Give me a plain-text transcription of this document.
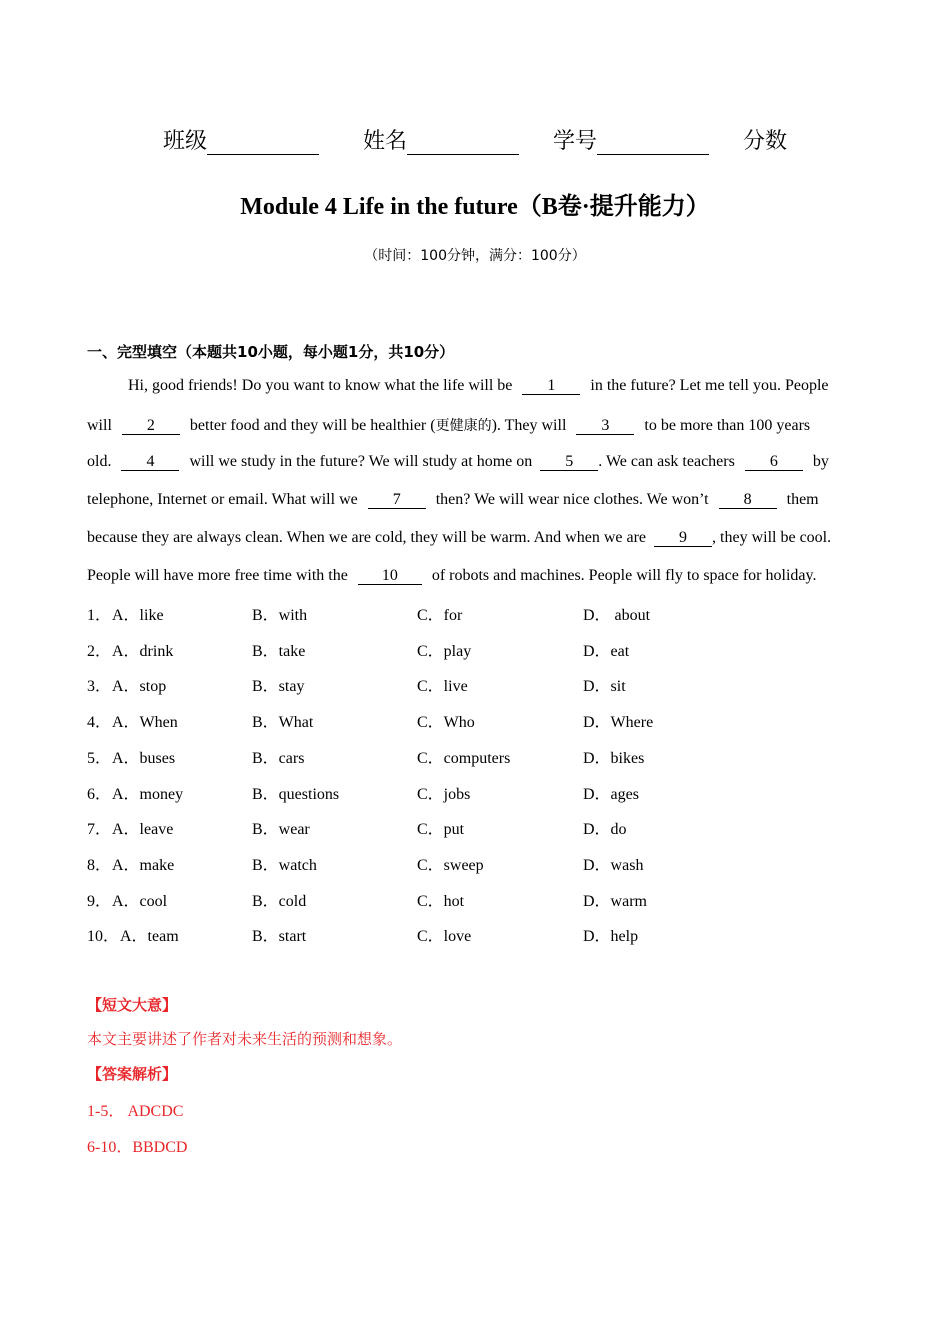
班级	姓名	学号	分数
Module 4 Life in the future（B卷·提升能力）
（时间：100分钟，满分：100分）
一、完型填空（本题共10小题，每小题1分，共10分）
Hi, good friends! Do you want to know what the life will be 1 in the future? Let me tell you. People
will 2 better food and they will be healthier (更健康的). They will 3 to be more than 100 years
old. 4 will we study in the future? We will study at home on 5 . We can ask teachers 6 by
telephone, Internet or email. What will we 7 then? We will wear nice clothes. We won’t 8 them
because they are always clean. When we are cold, they will be warm. And when we are 9 , they will be cool.
People will have more free time with the 10 of robots and machines. People will fly to space for holiday.
1． A．like	B．with	C．for	D． about
2． A．drink	B．take	C．play	D．eat
3． A．stop	B．stay	C．live	D．sit
4． A．When	B．What	C．Who	D．Where
5． A．buses	B．cars	C．computers	D．bikes
6． A．money	B．questions	C．jobs	D．ages
7． A．leave	B．wear	C．put	D．do
8． A．make	B．watch	C．sweep	D．wash
9． A．cool	B．cold	C．hot	D．warm
10． A．team	B．start	C．love	D．help
【短文大意】
本文主要讲述了作者对未来生活的预测和想象。
【答案解析】
1-5． ADCDC
6-10．BBDCD
